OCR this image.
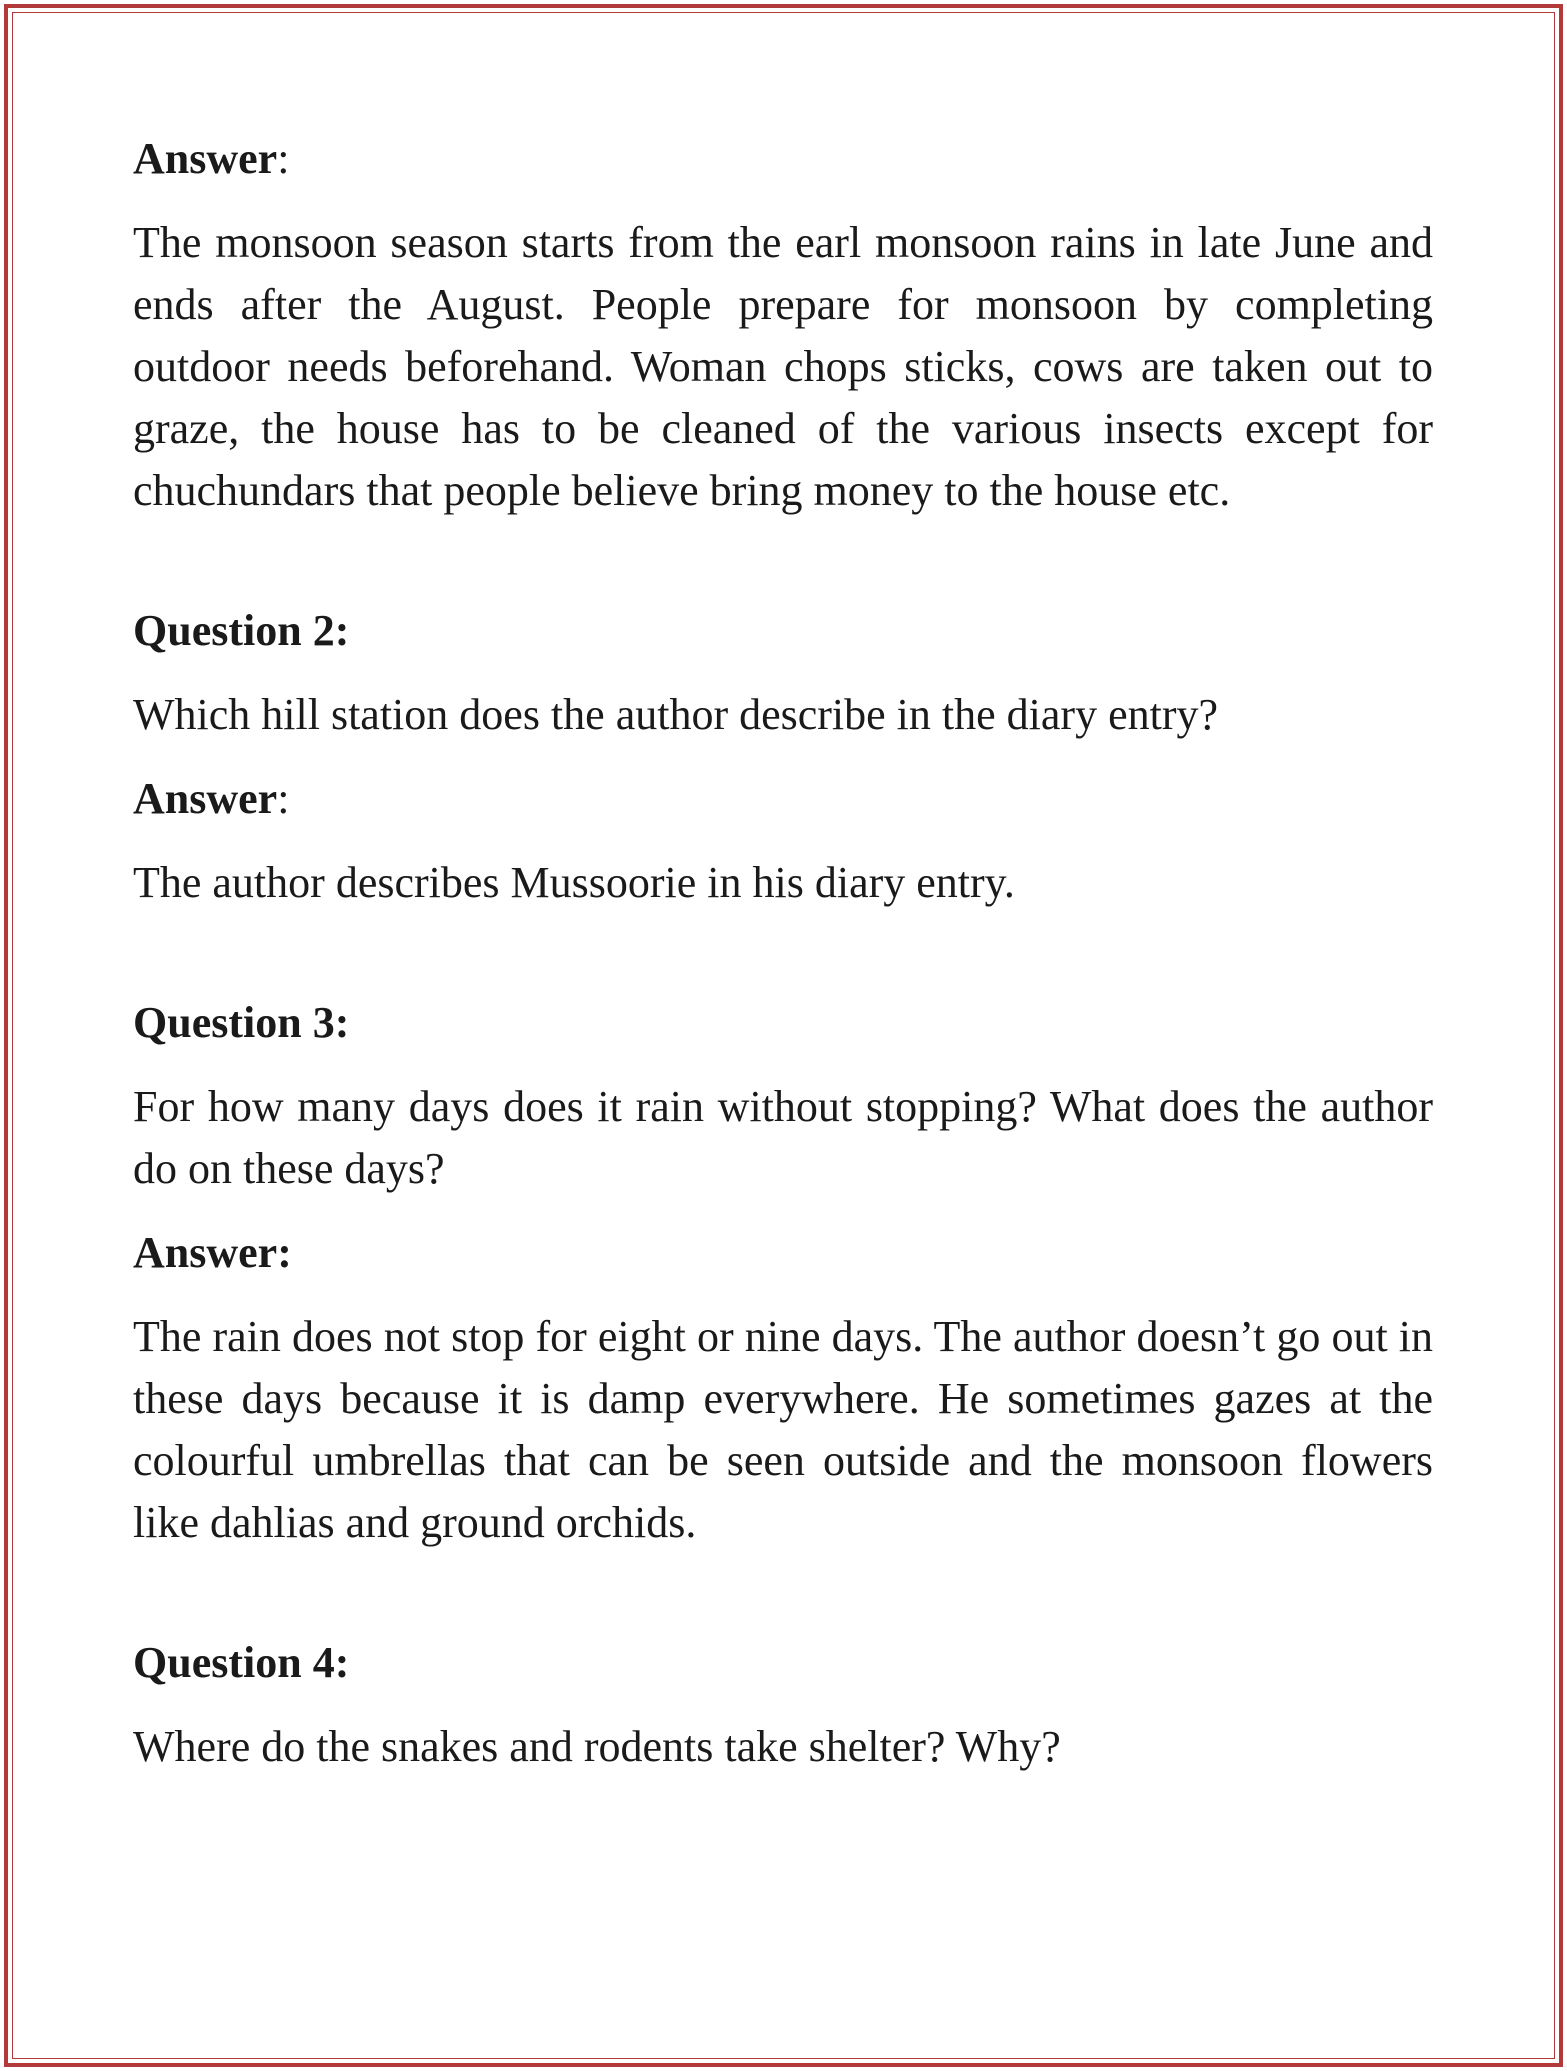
Answer:

The monsoon season starts from the earl monsoon rains in late June and ends after the August. People prepare for monsoon by completing outdoor needs beforehand. Woman chops sticks, cows are taken out to graze, the house has to be cleaned of the various insects except for chuchundars that people believe bring money to the house etc.

Question 2:

Which hill station does the author describe in the diary entry?

Answer:

The author describes Mussoorie in his diary entry.

Question 3:

For how many days does it rain without stopping? What does the author do on these days?

Answer:

The rain does not stop for eight or nine days. The author doesn’t go out in these days because it is damp everywhere. He sometimes gazes at the colourful umbrellas that can be seen outside and the monsoon flowers like dahlias and ground orchids.

Question 4:

Where do the snakes and rodents take shelter? Why?
